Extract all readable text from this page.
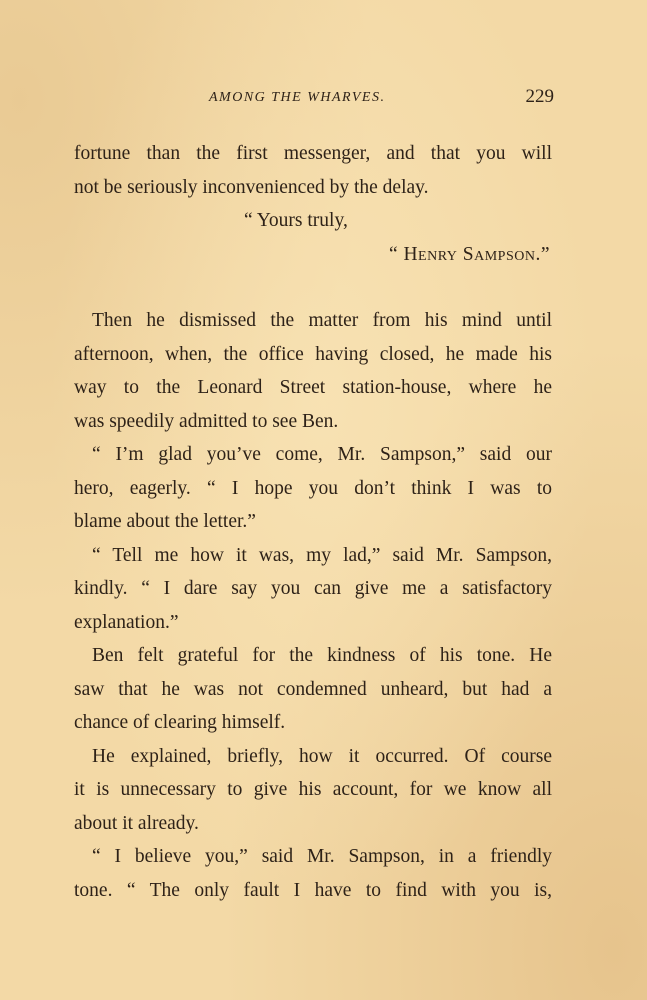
AMONG THE WHARVES.	229
fortune than the first messenger, and that you will
not be seriously inconvenienced by the delay.
“ Yours truly,
“ Henry Sampson.”
Then he dismissed the matter from his mind until
afternoon, when, the office having closed, he made his
way to the Leonard Street station-house, where he
was speedily admitted to see Ben.
“ I’m glad you’ve come, Mr. Sampson,” said our
hero, eagerly. “ I hope you don’t think I was to
blame about the letter.”
“ Tell me how it was, my lad,” said Mr. Sampson,
kindly. “ I dare say you can give me a satisfactory
explanation.”
Ben felt grateful for the kindness of his tone. He
saw that he was not condemned unheard, but had a
chance of clearing himself.
He explained, briefly, how it occurred. Of course
it is unnecessary to give his account, for we know all
about it already.
“ I believe you,” said Mr. Sampson, in a friendly
tone. “ The only fault I have to find with you is,
